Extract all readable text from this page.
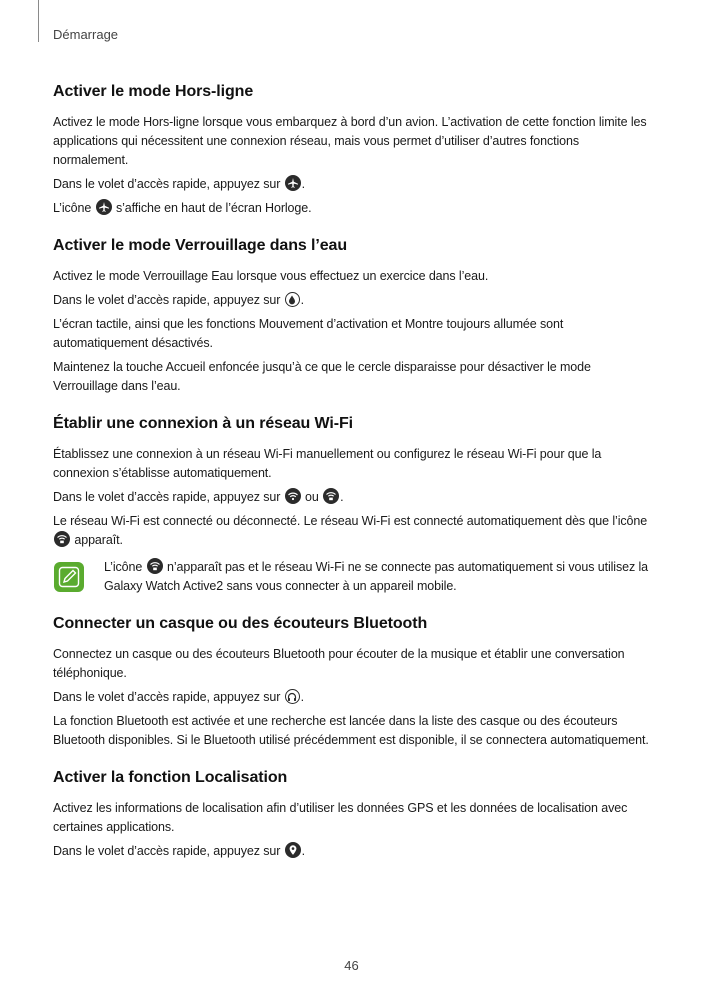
Démarrage
Activer le mode Hors-ligne

Activez le mode Hors-ligne lorsque vous embarquez à bord d’un avion. L’activation de cette fonction limite les applications qui nécessitent une connexion réseau, mais vous permet d’utiliser d’autres fonctions normalement.

Dans le volet d’accès rapide, appuyez sur .

L’icône s’affiche en haut de l’écran Horloge.

Activer le mode Verrouillage dans l’eau

Activez le mode Verrouillage Eau lorsque vous effectuez un exercice dans l’eau.

Dans le volet d’accès rapide, appuyez sur .

L’écran tactile, ainsi que les fonctions Mouvement d’activation et Montre toujours allumée sont automatiquement désactivés.

Maintenez la touche Accueil enfoncée jusqu’à ce que le cercle disparaisse pour désactiver le mode Verrouillage dans l’eau.

Établir une connexion à un réseau Wi-Fi

Établissez une connexion à un réseau Wi-Fi manuellement ou configurez le réseau Wi-Fi pour que la connexion s’établisse automatiquement.

Dans le volet d’accès rapide, appuyez sur ou .

Le réseau Wi-Fi est connecté ou déconnecté. Le réseau Wi-Fi est connecté automatiquement dès que l’icône
apparaît.

L’icône n’apparaît pas et le réseau Wi-Fi ne se connecte pas automatiquement si vous utilisez la Galaxy Watch Active2 sans vous connecter à un appareil mobile.

Connecter un casque ou des écouteurs Bluetooth

Connectez un casque ou des écouteurs Bluetooth pour écouter de la musique et établir une conversation téléphonique.

Dans le volet d’accès rapide, appuyez sur .

La fonction Bluetooth est activée et une recherche est lancée dans la liste des casque ou des écouteurs Bluetooth disponibles. Si le Bluetooth utilisé précédemment est disponible, il se connectera automatiquement.

Activer la fonction Localisation

Activez les informations de localisation afin d’utiliser les données GPS et les données de localisation avec certaines applications.

Dans le volet d’accès rapide, appuyez sur .

46
